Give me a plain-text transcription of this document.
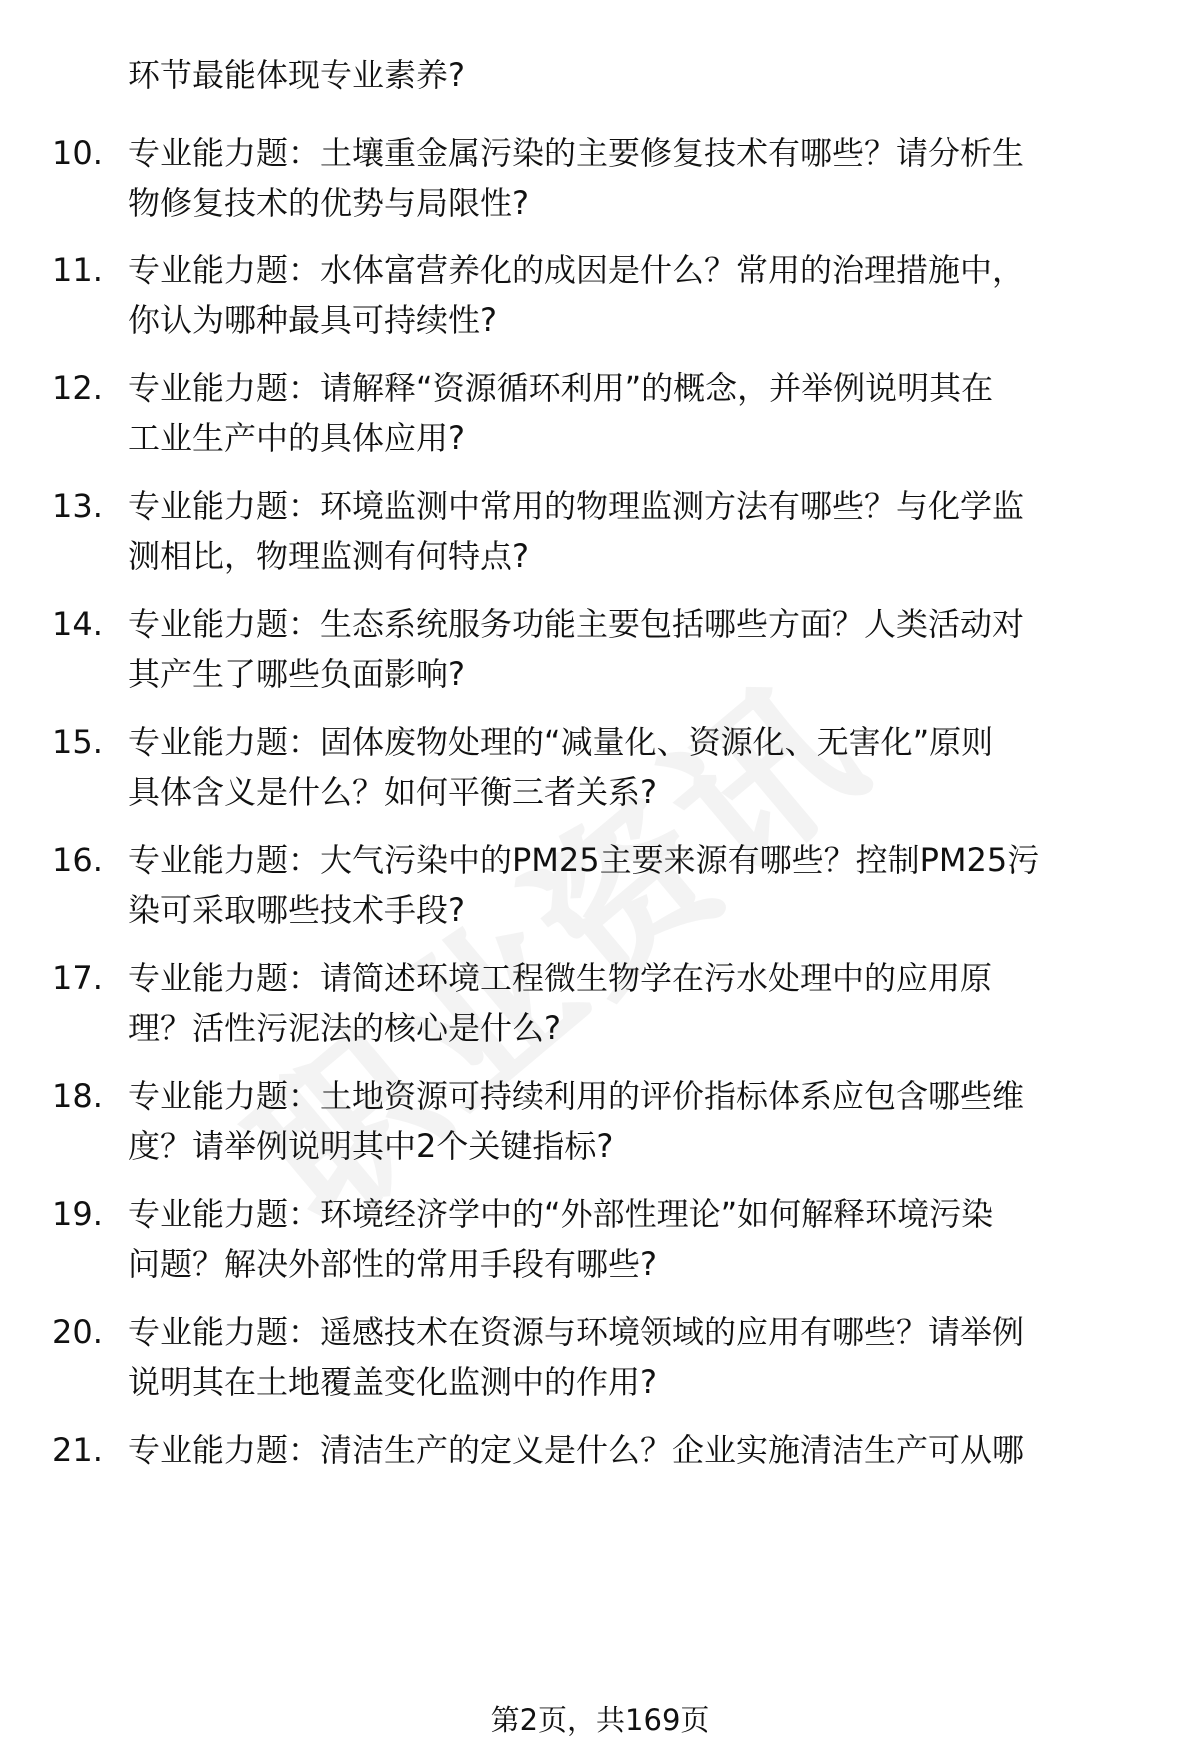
环节最能体现专业素养?
10. 专业能力题：土壤重金属污染的主要修复技术有哪些？请分析生
物修复技术的优势与局限性?
11. 专业能力题：水体富营养化的成因是什么？常用的治理措施中，
你认为哪种最具可持续性?
12. 专业能力题：请解释“资源循环利用”的概念，并举例说明其在
工业生产中的具体应用?
13. 专业能力题：环境监测中常用的物理监测方法有哪些？与化学监
测相比，物理监测有何特点?
14. 专业能力题：生态系统服务功能主要包括哪些方面？人类活动对
其产生了哪些负面影响?
15. 专业能力题：固体废物处理的“减量化、资源化、无害化”原则
具体含义是什么？如何平衡三者关系?
16. 专业能力题：大气污染中的PM25主要来源有哪些？控制PM25污
染可采取哪些技术手段?
17. 专业能力题：请简述环境工程微生物学在污水处理中的应用原
理？活性污泥法的核心是什么?
18. 专业能力题：土地资源可持续利用的评价指标体系应包含哪些维
度？请举例说明其中2个关键指标?
19. 专业能力题：环境经济学中的“外部性理论”如何解释环境污染
问题？解决外部性的常用手段有哪些?
20. 专业能力题：遥感技术在资源与环境领域的应用有哪些？请举例
说明其在土地覆盖变化监测中的作用?
21. 专业能力题：清洁生产的定义是什么？企业实施清洁生产可从哪
第2页，共169页
